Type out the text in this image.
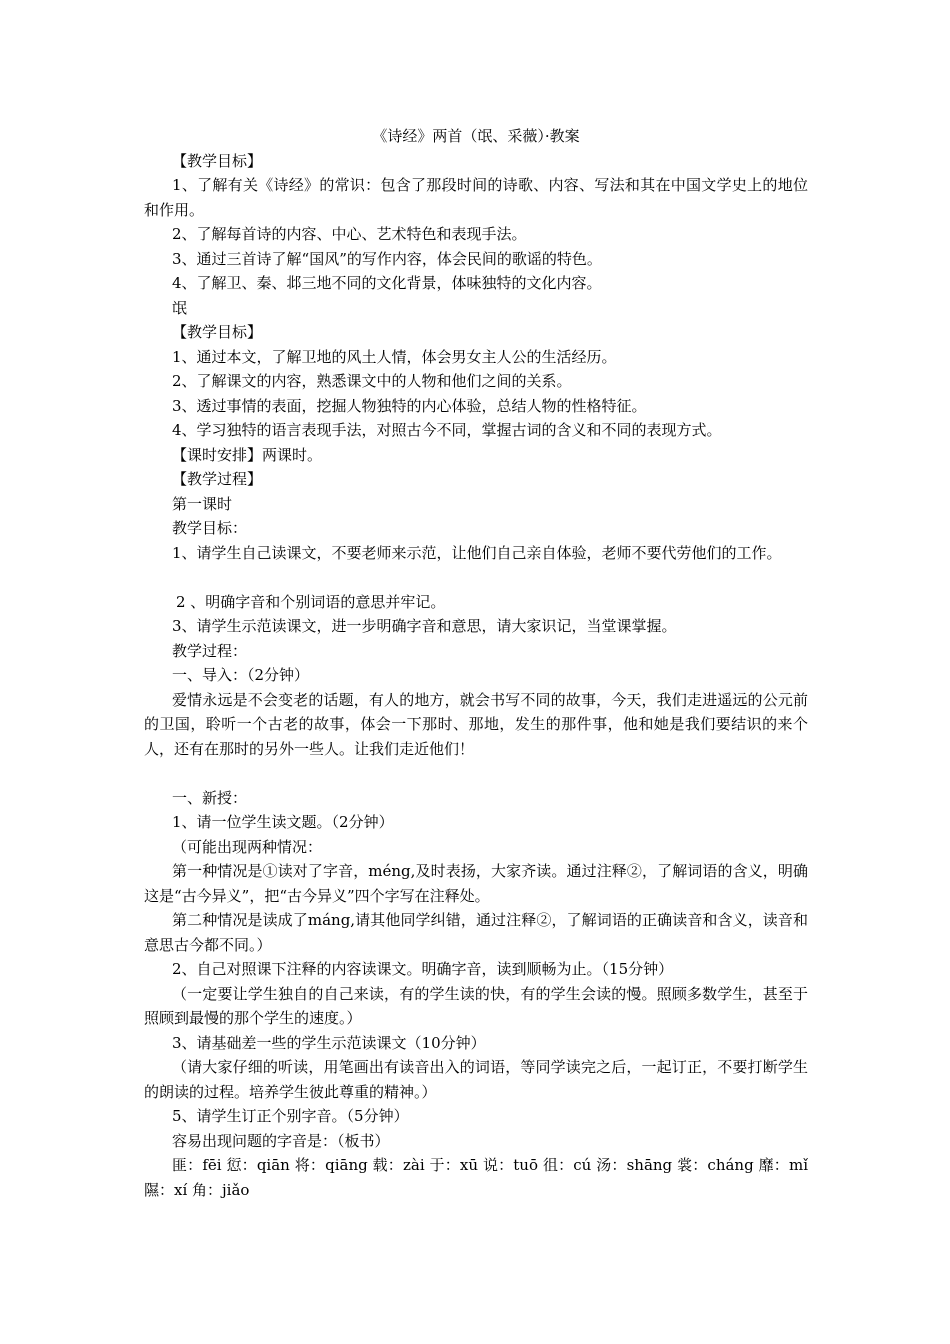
《诗经》两首（氓、采薇）·教案
【教学目标】
1、了解有关《诗经》的常识：包含了那段时间的诗歌、内容、写法和其在中国文学史上的地位和作用。
2、了解每首诗的内容、中心、艺术特色和表现手法。
3、通过三首诗了解“国风”的写作内容，体会民间的歌谣的特色。
4、了解卫、秦、邶三地不同的文化背景，体味独特的文化内容。
氓
【教学目标】
1、通过本文，了解卫地的风土人情，体会男女主人公的生活经历。
2、了解课文的内容，熟悉课文中的人物和他们之间的关系。
3、透过事情的表面，挖掘人物独特的内心体验，总结人物的性格特征。
4、学习独特的语言表现手法，对照古今不同，掌握古词的含义和不同的表现方式。
【课时安排】两课时。
【教学过程】
第一课时
教学目标：
1、请学生自己读课文，不要老师来示范，让他们自己亲自体验，老师不要代劳他们的工作。
2 、明确字音和个别词语的意思并牢记。
3、请学生示范读课文，进一步明确字音和意思，请大家识记，当堂课掌握。
教学过程：
一、导入：（2分钟）
爱情永远是不会变老的话题，有人的地方，就会书写不同的故事，今天，我们走进遥远的公元前的卫国，聆听一个古老的故事，体会一下那时、那地，发生的那件事，他和她是我们要结识的来个人，还有在那时的另外一些人。让我们走近他们！
一、新授：
1、请一位学生读文题。（2分钟）
（可能出现两种情况：
第一种情况是①读对了字音，méng,及时表扬，大家齐读。通过注释②，了解词语的含义，明确这是“古今异义”，把“古今异义”四个字写在注释处。
第二种情况是读成了máng,请其他同学纠错，通过注释②，了解词语的正确读音和含义，读音和意思古今都不同。）
2、自己对照课下注释的内容读课文。明确字音，读到顺畅为止。（15分钟）
（一定要让学生独自的自己来读，有的学生读的快，有的学生会读的慢。照顾多数学生，甚至于照顾到最慢的那个学生的速度。）
3、请基础差一些的学生示范读课文（10分钟）
（请大家仔细的听读，用笔画出有读音出入的词语，等同学读完之后，一起订正，不要打断学生的朗读的过程。培养学生彼此尊重的精神。）
5、请学生订正个别字音。（5分钟）
容易出现问题的字音是：（板书）
匪：fēi 愆：qiān 将：qiāng 载：zài 于：xū 说：tuō 徂：cú 汤：shāng 裳：cháng 靡：mǐ 隰：xí 角：jiǎo
